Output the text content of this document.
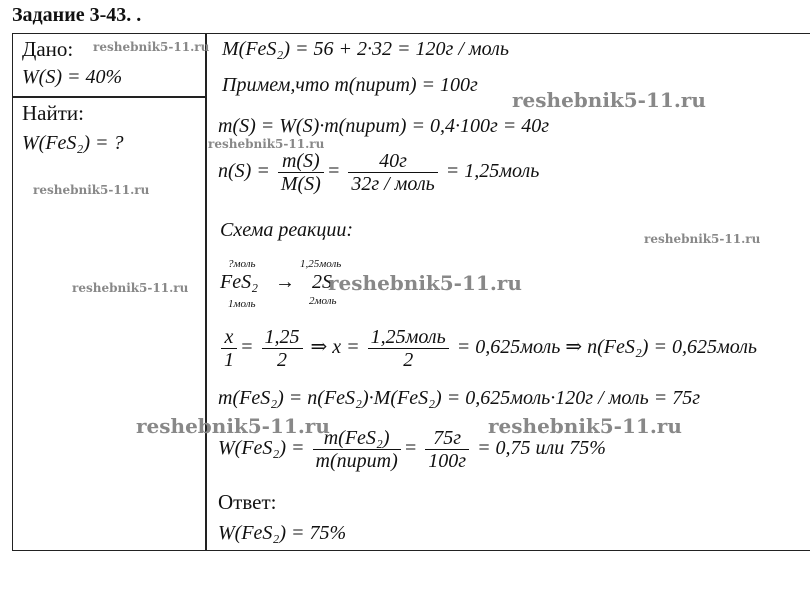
Задание 3-43. .
Дано:
W(S) = 40%
Найти:
W(FeS₂) = ?
M(FeS₂) = 56 + 2·32 = 120г / моль
Примем,что m(пирит) = 100г
m(S) = W(S)·m(пирит) = 0,4·100г = 40г
$n(S) = \frac{m(S)}{M(S)} = \frac{40г}{\text{32г / моль}}$ = 1,25моль
Схема реакции:
?моль
FeS₂
1моль
→
1,25моль
2S
2моль
$\frac{x}{1} = \frac{1,25}{2}$ ⇒ $x = \frac{\text{1,25моль}}{2}$ = 0,625моль ⇒ n(FeS₂) = 0,625моль
m(FeS₂) = n(FeS₂)·M(FeS₂) = 0,625моль·120г / моль = 75г
$W(FeS_2) = \frac{\text{m(FeS₂)}}{\text{m(пирит)}} = \frac{75г}{100г} = 0,75$ или 75%
Ответ:
W(FeS₂) = 75%
reshebnik5-11.ru
reshebnik5-11.ru
reshebnik5-11.ru
reshebnik5-11.ru
reshebnik5-11.ru
reshebnik5-11.ru	reshebnik5-11.ru
reshebnik5-11.ru	reshebnik5-11.ru
